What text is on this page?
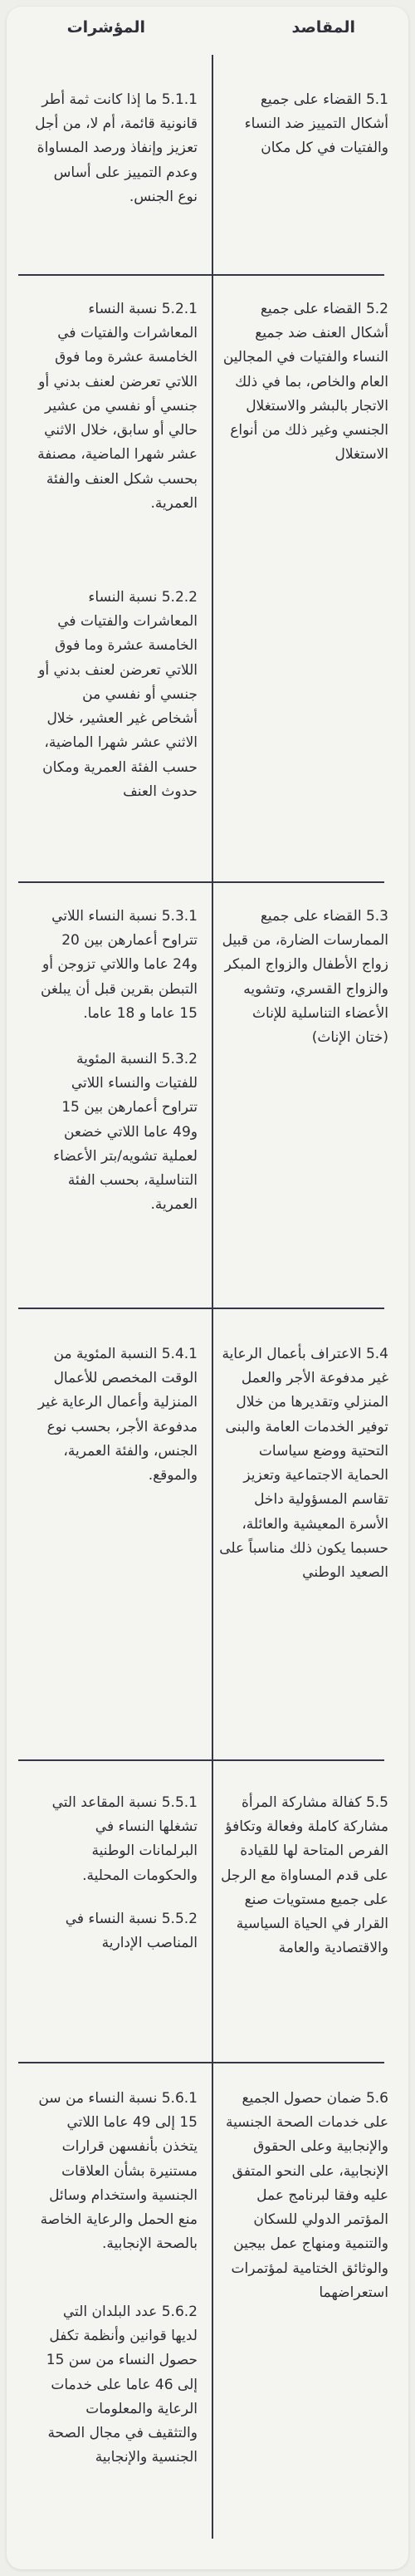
المقاصد
المؤشرات

5.1 القضاء على جميع أشكال التمييز ضد النساء والفتيات في كل مكان

5.1.1 ما إذا كانت ثمة أطر قانونية قائمة، أم لا، من أجل تعزيز وإنفاذ ورصد المساواة وعدم التمييز على أساس نوع الجنس.

5.2 القضاء على جميع أشكال العنف ضد جميع النساء والفتيات في المجالين العام والخاص، بما في ذلك الاتجار بالبشر والاستغلال الجنسي وغير ذلك من أنواع الاستغلال

5.2.1 نسبة النساء المعاشرات والفتيات في الخامسة عشرة وما فوق اللاتي تعرضن لعنف بدني أو جنسي أو نفسي من عشير حالي أو سابق، خلال الاثني عشر شهرا الماضية، مصنفة بحسب شكل العنف والفئة العمرية.

5.2.2 نسبة النساء المعاشرات والفتيات في الخامسة عشرة وما فوق اللاتي تعرضن لعنف بدني أو جنسي أو نفسي من أشخاص غير العشير، خلال الاثني عشر شهرا الماضية، حسب الفئة العمرية ومكان حدوث العنف

5.3 القضاء على جميع الممارسات الضارة، من قبيل زواج الأطفال والزواج المبكر والزواج القسري، وتشويه الأعضاء التناسلية للإناث (ختان الإناث)

5.3.1 نسبة النساء اللاتي تتراوح أعمارهن بين 20 و24 عاما واللاتي تزوجن أو التبطن بقرين قبل أن يبلغن 15 عاما و 18 عاما.

5.3.2 النسبة المئوية للفتيات والنساء اللاتي تتراوح أعمارهن بين 15 و49 عاما اللاتي خضعن لعملية تشويه/بتر الأعضاء التناسلية، بحسب الفئة العمرية.

5.4 الاعتراف بأعمال الرعاية غير مدفوعة الأجر والعمل المنزلي وتقديرها من خلال توفير الخدمات العامة والبنى التحتية ووضع سياسات الحماية الاجتماعية وتعزيز تقاسم المسؤولية داخل الأسرة المعيشية والعائلة، حسبما يكون ذلك مناسباً على الصعيد الوطني

5.4.1 النسبة المئوية من الوقت المخصص للأعمال المنزلية وأعمال الرعاية غير مدفوعة الأجر، بحسب نوع الجنس، والفئة العمرية، والموقع.

5.5 كفالة مشاركة المرأة مشاركة كاملة وفعالة وتكافؤ الفرص المتاحة لها للقيادة على قدم المساواة مع الرجل على جميع مستويات صنع القرار في الحياة السياسية والاقتصادية والعامة

5.5.1 نسبة المقاعد التي تشغلها النساء في البرلمانات الوطنية والحكومات المحلية.

5.5.2 نسبة النساء في المناصب الإدارية

5.6 ضمان حصول الجميع على خدمات الصحة الجنسية والإنجابية وعلى الحقوق الإنجابية، على النحو المتفق عليه وفقا لبرنامج عمل المؤتمر الدولي للسكان والتنمية ومنهاج عمل بيجين والوثائق الختامية لمؤتمرات استعراضهما

5.6.1 نسبة النساء من سن 15 إلى 49 عاما اللاتي يتخذن بأنفسهن قرارات مستنيرة بشأن العلاقات الجنسية واستخدام وسائل منع الحمل والرعاية الخاصة بالصحة الإنجابية.

5.6.2 عدد البلدان التي لديها قوانين وأنظمة تكفل حصول النساء من سن 15 إلى 46 عاما على خدمات الرعاية والمعلومات والتثقيف في مجال الصحة الجنسية والإنجابية
